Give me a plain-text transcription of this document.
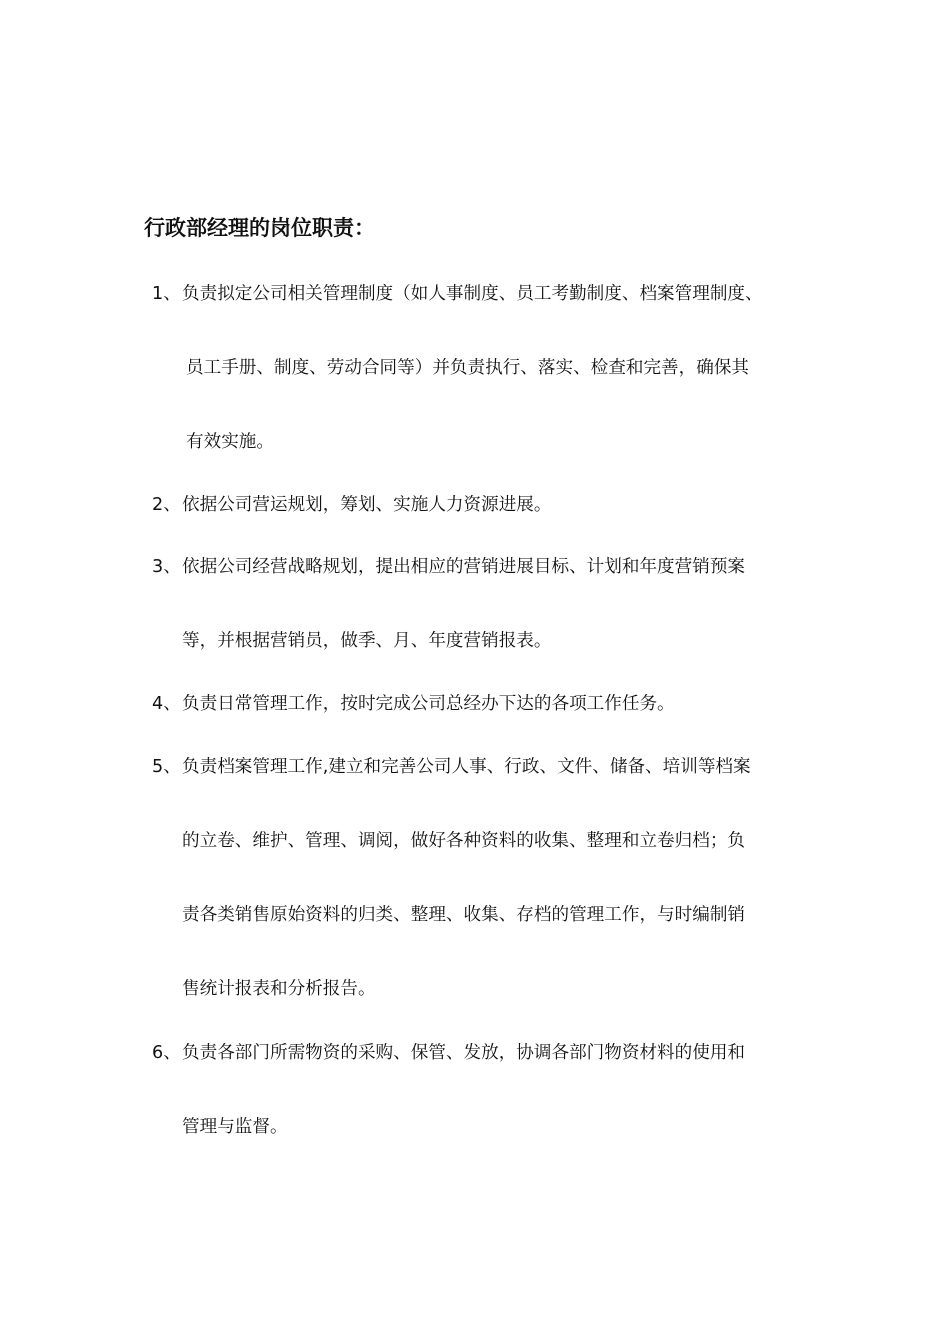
行政部经理的岗位职责：
1、 负责拟定公司相关管理制度（如人事制度、员工考勤制度、档案管理制度、
员工手册、制度、劳动合同等）并负责执行、落实、检查和完善，确保其
有效实施。
2、 依据公司营运规划，筹划、实施人力资源进展。
3、 依据公司经营战略规划，提出相应的营销进展目标、计划和年度营销预案
等，并根据营销员，做季、月、年度营销报表。
4、 负责日常管理工作，按时完成公司总经办下达的各项工作任务。
5、 负责档案管理工作,建立和完善公司人事、行政、文件、储备、培训等档案
的立卷、维护、管理、调阅，做好各种资料的收集、整理和立卷归档；负
责各类销售原始资料的归类、整理、收集、存档的管理工作，与时编制销
售统计报表和分析报告。
6、 负责各部门所需物资的采购、保管、发放，协调各部门物资材料的使用和
管理与监督。
